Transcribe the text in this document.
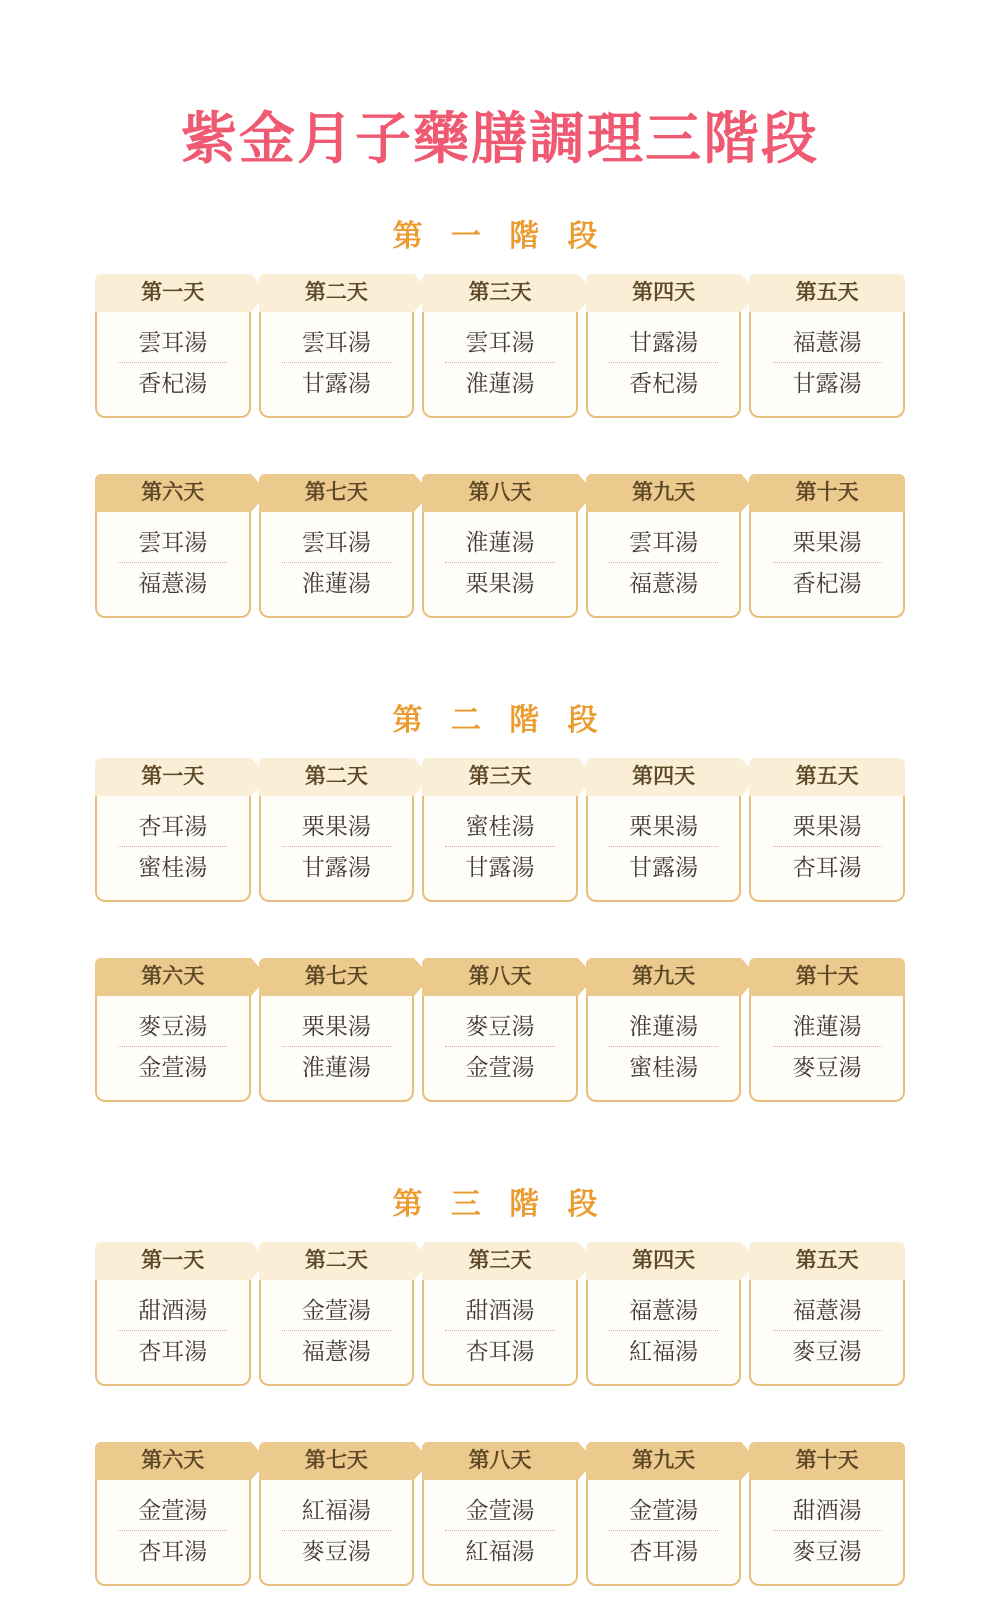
紫金月子藥膳調理三階段
第 一 階 段
第一天
雲耳湯
香杞湯
第二天
雲耳湯
甘露湯
第三天
雲耳湯
淮蓮湯
第四天
甘露湯
香杞湯
第五天
福薏湯
甘露湯
第六天
雲耳湯
福薏湯
第七天
雲耳湯
淮蓮湯
第八天
淮蓮湯
栗果湯
第九天
雲耳湯
福薏湯
第十天
栗果湯
香杞湯
第 二 階 段
第一天
杏耳湯
蜜桂湯
第二天
栗果湯
甘露湯
第三天
蜜桂湯
甘露湯
第四天
栗果湯
甘露湯
第五天
栗果湯
杏耳湯
第六天
麥豆湯
金萱湯
第七天
栗果湯
淮蓮湯
第八天
麥豆湯
金萱湯
第九天
淮蓮湯
蜜桂湯
第十天
淮蓮湯
麥豆湯
第 三 階 段
第一天
甜酒湯
杏耳湯
第二天
金萱湯
福薏湯
第三天
甜酒湯
杏耳湯
第四天
福薏湯
紅福湯
第五天
福薏湯
麥豆湯
第六天
金萱湯
杏耳湯
第七天
紅福湯
麥豆湯
第八天
金萱湯
紅福湯
第九天
金萱湯
杏耳湯
第十天
甜酒湯
麥豆湯
